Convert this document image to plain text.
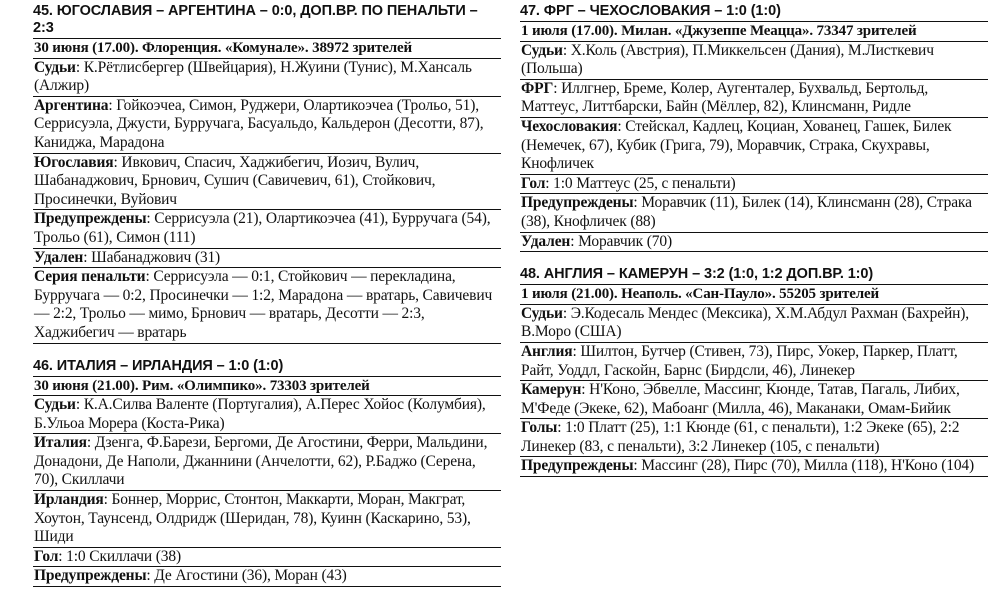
45. ЮГОСЛАВИЯ – АРГЕНТИНА – 0:0, ДОП.ВР. ПО ПЕНАЛЬТИ – 2:3
30 июня (17.00). Флоренция. «Комунале». 38972 зрителей
Судьи: К.Рётлисбергер (Швейцария), Н.Жуини (Тунис), М.Хансаль (Алжир)
Аргентина: Гойкоэчеа, Симон, Руджери, Олартикоэчеа (Трольо, 51), Серрисуэла, Джусти, Бурручага, Басуальдо, Кальдерон (Десотти, 87), Каниджа, Марадона
Югославия: Ивкович, Спасич, Хаджибегич, Иозич, Вулич, Шабанаджович, Брнович, Сушич (Савичевич, 61), Стойкович, Просинечки, Вуйович
Предупреждены: Серрисуэла (21), Олартикоэчеа (41), Бурручага (54), Трольо (61), Симон (111)
Удален: Шабанаджович (31)
Серия пенальти: Серрисуэла — 0:1, Стойкович — перекладина, Бурручага — 0:2, Просинечки — 1:2, Марадона — вратарь, Савичевич — 2:2, Трольо — мимо, Брнович — вратарь, Десотти — 2:3, Хаджибегич — вратарь
46. ИТАЛИЯ – ИРЛАНДИЯ – 1:0 (1:0)
30 июня (21.00). Рим. «Олимпико». 73303 зрителей
Судьи: К.А.Силва Валенте (Португалия), А.Перес Хойос (Колумбия), Б.Ульоа Морера (Коста-Рика)
Италия: Дзенга, Ф.Барези, Бергоми, Де Агостини, Ферри, Мальдини, Донадони, Де Наполи, Джаннини (Анчелотти, 62), Р.Баджо (Серена, 70), Скиллачи
Ирландия: Боннер, Моррис, Стонтон, Маккарти, Моран, Макграт, Хоутон, Таунсенд, Олдридж (Шеридан, 78), Куинн (Каскарино, 53), Шиди
Гол: 1:0 Скиллачи (38)
Предупреждены: Де Агостини (36), Моран (43)
47. ФРГ – ЧЕХОСЛОВАКИЯ – 1:0 (1:0)
1 июля (17.00). Милан. «Джузеппе Меацца». 73347 зрителей
Судьи: Х.Коль (Австрия), П.Миккельсен (Дания), М.Листкевич (Польша)
ФРГ: Иллгнер, Бреме, Колер, Аугенталер, Бухвальд, Бертольд, Маттеус, Литтбарски, Байн (Мёллер, 82), Клинсманн, Ридле
Чехословакия: Стейскал, Кадлец, Коциан, Хованец, Гашек, Билек (Немечек, 67), Кубик (Грига, 79), Моравчик, Страка, Скухравы, Кнофличек
Гол: 1:0 Маттеус (25, с пенальти)
Предупреждены: Моравчик (11), Билек (14), Клинсманн (28), Страка (38), Кнофличек (88)
Удален: Моравчик (70)
48. АНГЛИЯ – КАМЕРУН – 3:2 (1:0, 1:2 ДОП.ВР. 1:0)
1 июля (21.00). Неаполь. «Сан-Пауло». 55205 зрителей
Судьи: Э.Кодесаль Мендес (Мексика), Х.М.Абдул Рахман (Бахрейн), В.Моро (США)
Англия: Шилтон, Бутчер (Стивен, 73), Пирс, Уокер, Паркер, Платт, Райт, Уоддл, Гаскойн, Барнс (Бирдсли, 46), Линекер
Камерун: Н'Коно, Эбвелле, Массинг, Кюнде, Татав, Пагаль, Либих, М'Феде (Экеке, 62), Мабоанг (Милла, 46), Маканаки, Омам-Бийик
Голы: 1:0 Платт (25), 1:1 Кюнде (61, с пенальти), 1:2 Экеке (65), 2:2 Линекер (83, с пенальти), 3:2 Линекер (105, с пенальти)
Предупреждены: Массинг (28), Пирс (70), Милла (118), Н'Коно (104)
